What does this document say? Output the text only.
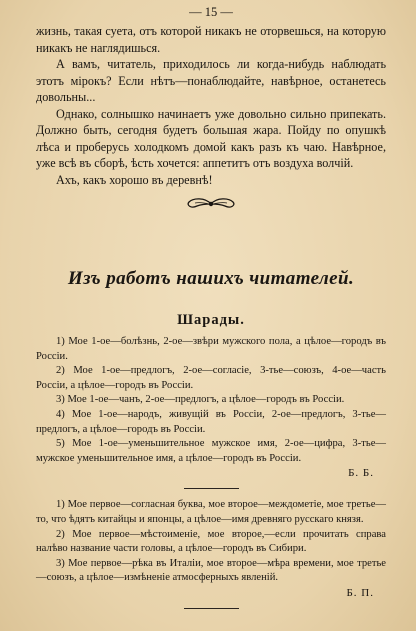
— 15 —

жизнь, такая суета, отъ которой никакъ не оторвешься, на которую никакъ не наглядишься.

А вамъ, читатель, приходилось ли когда-нибудь наблюдать этотъ мірокъ? Если нѣтъ—понаблюдайте, навѣрное, останетесь довольны...

Однако, солнышко начинаетъ уже довольно сильно припекать. Должно быть, сегодня будетъ большая жара. Пойду по опушкѣ лѣса и проберусь холодкомъ домой какъ разъ къ чаю. Навѣрное, уже всѣ въ сборѣ, ѣсть хочется: аппетитъ отъ воздуха волчій.

Ахъ, какъ хорошо въ деревнѣ!

Изъ работъ нашихъ читателей.
Шарады.

1) Мое 1-ое—болѣзнь, 2-ое—звѣри мужского пола, а цѣлое—городъ въ Россіи.

2) Мое 1-ое—предлогъ, 2-ое—согласіе, 3-тье—союзъ, 4-ое—часть Россіи, а цѣлое—городъ въ Россіи.

3) Мое 1-ое—чанъ, 2-ое—предлогъ, а цѣлое—городъ въ Россіи.

4) Мое 1-ое—народъ, живущій въ Россіи, 2-ое—предлогъ, 3-тье—предлогъ, а цѣлое—городъ въ Россіи.

5) Мое 1-ое—уменьшительное мужское имя, 2-ое—цифра, 3-тье—мужское уменьшительное имя, а цѣлое—городъ въ Россіи.

Б. Б.

1) Мое первое—согласная буква, мое второе—междометіе, мое третье—то, что ѣдятъ китайцы и японцы, а цѣлое—имя древняго русскаго князя.

2) Мое первое—мѣстоименіе, мое второе,—если прочитать справа налѣво название части головы, а цѣлое—городъ въ Сибири.

3) Мое первое—рѣка въ Италіи, мое второе—мѣра времени, мое третье—союзъ, а цѣлое—измѣненіе атмосферныхъ явленій.

Б. П.
